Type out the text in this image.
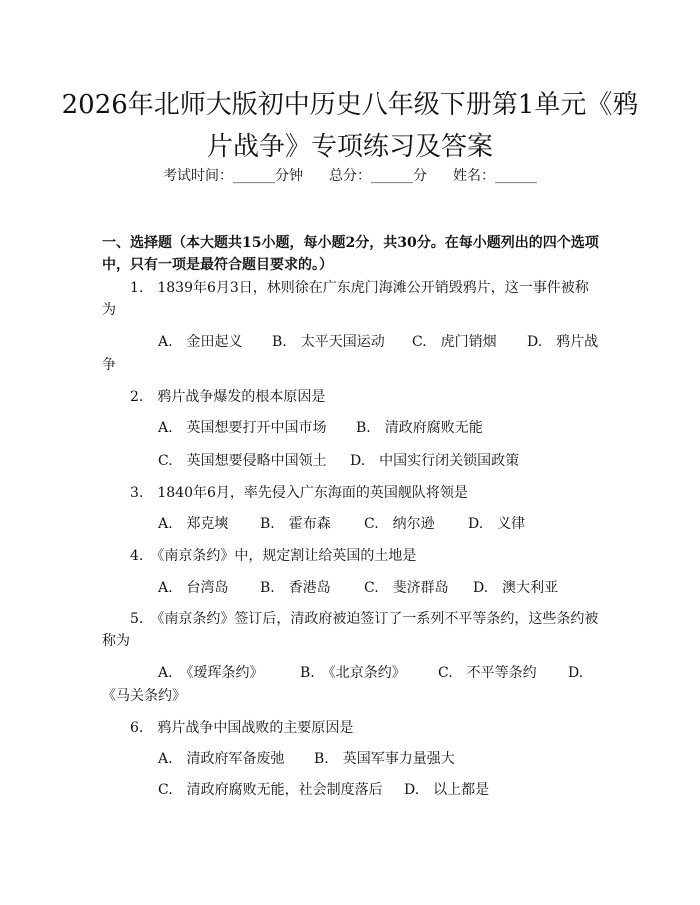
2026年北师大版初中历史八年级下册第1单元《鸦片战争》专项练习及答案
考试时间：______分钟 总分：______分 姓名：______

一、选择题（本大题共15小题，每小题2分，共30分。在每小题列出的四个选项中，只有一项是最符合题目要求的。）

1.　1839年6月3日，林则徐在广东虎门海滩公开销毁鸦片，这一事件被称为

A.　金田起义 B.　太平天国运动 C.　虎门销烟 D.　鸦片战
争

2.　鸦片战争爆发的根本原因是

A.　英国想要打开中国市场 B.　清政府腐败无能
C.　英国想要侵略中国领土 D.　中国实行闭关锁国政策

3.　1840年6月，率先侵入广东海面的英国舰队将领是

A.　郑克塽 B.　霍布森 C.　纳尔逊 D.　义律

4.　《南京条约》中，规定割让给英国的土地是

A.　台湾岛 B.　香港岛 C.　斐济群岛 D.　澳大利亚

5.　《南京条约》签订后，清政府被迫签订了一系列不平等条约，这些条约被称为

A.　《瑷珲条约》	B.　《北京条约》 C.　不平等条约 D.
《马关条约》

6.　鸦片战争中国战败的主要原因是

A.　清政府军备废弛 B.　英国军事力量强大
C.　清政府腐败无能，社会制度落后 D.　以上都是
